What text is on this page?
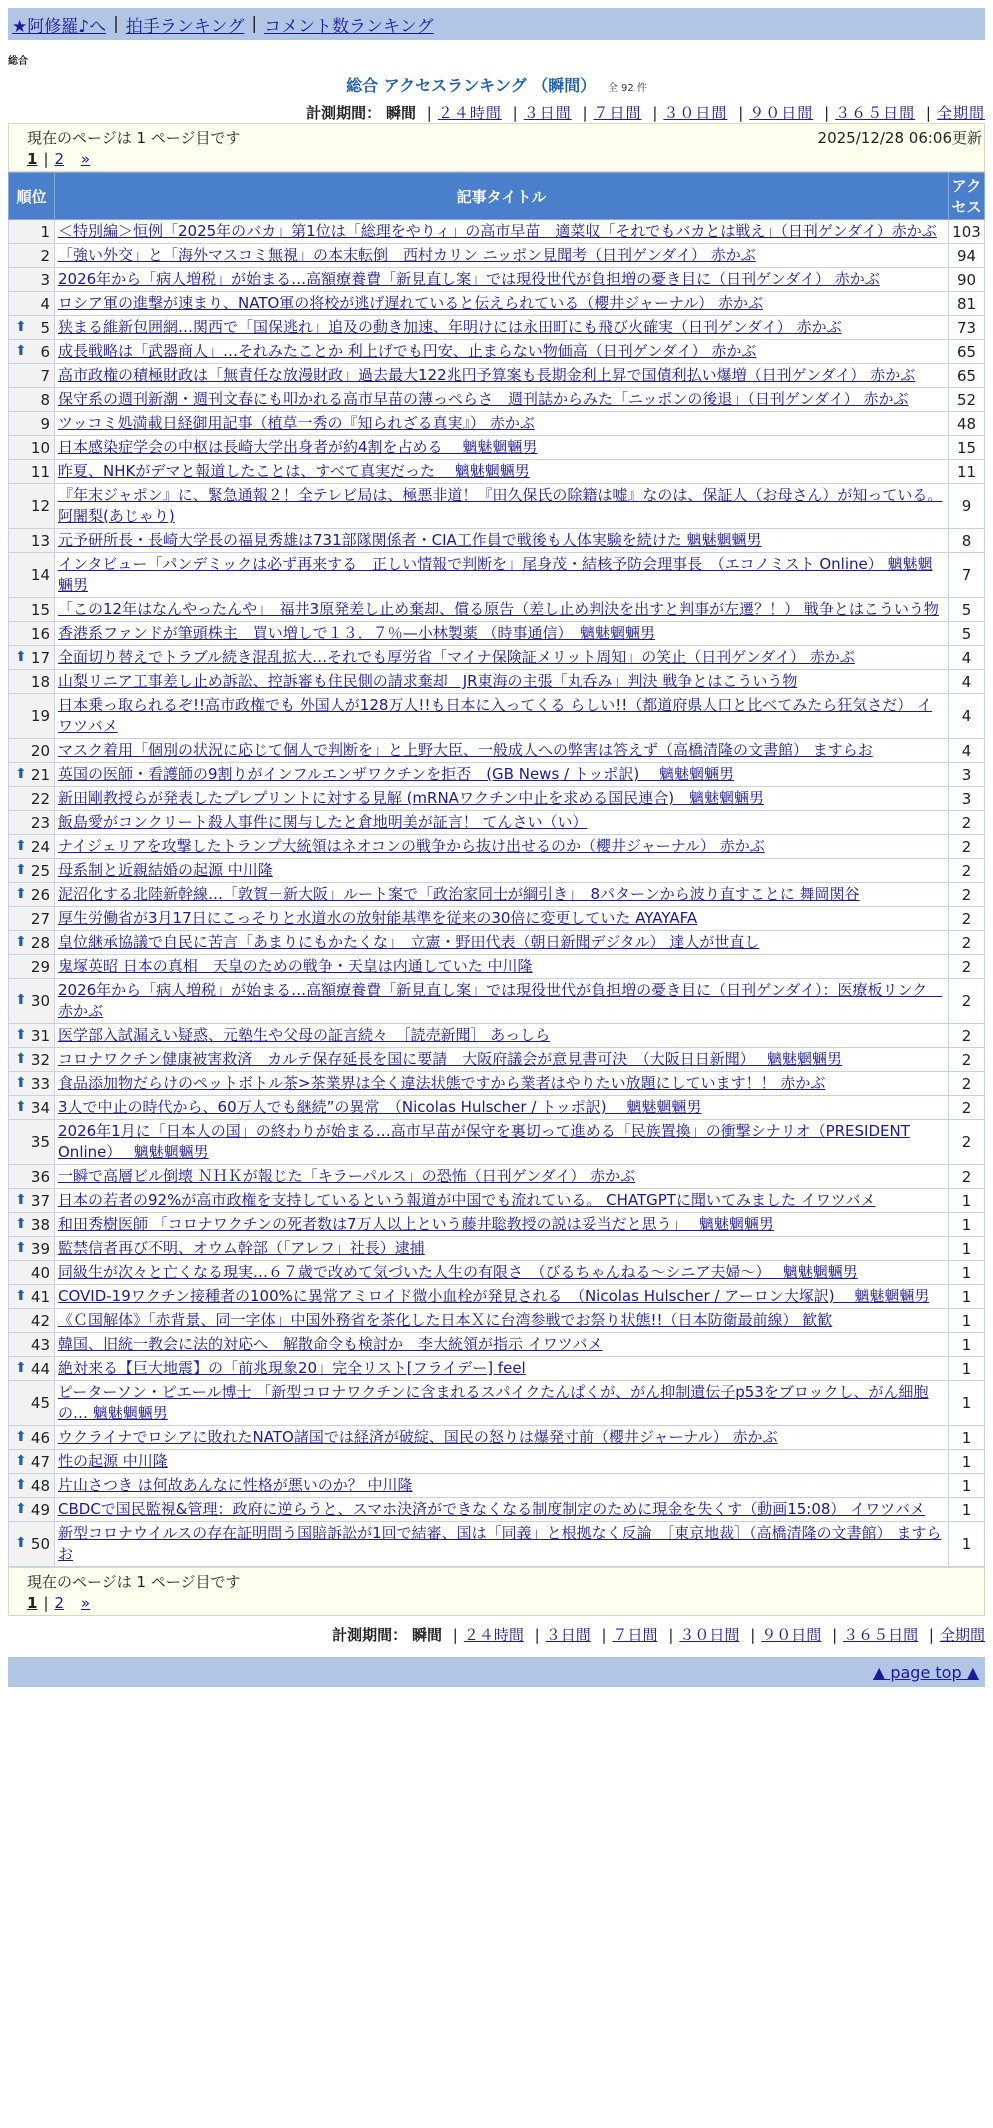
★阿修羅♪へ | 拍手ランキング | コメント数ランキング
総合
総合 アクセスランキング （瞬間） 全 92 件
計測期間： 瞬間 | ２４時間 | ３日間 | ７日間 | ３０日間 | ９０日間 | ３６５日間 | 全期間
現在のページは 1 ページ目です	2025/12/28 06:06更新
1 | 2 »
順位	記事タイトル	アクセス
1	＜特別編＞恒例「2025年のバカ」第1位は「総理をやりィ」の高市早苗　適菜収「それでもバカとは戦え」（日刊ゲンダイ）赤かぶ	103
2	「強い外交」と「海外マスコミ無視」の本末転倒　西村カリン ニッポン見聞考（日刊ゲンダイ） 赤かぶ	94
3	2026年から「病人増税」が始まる…高額療養費「新見直し案」では現役世代が負担増の憂き目に（日刊ゲンダイ） 赤かぶ	90
4	ロシア軍の進撃が速まり、NATO軍の将校が逃げ遅れていると伝えられている（櫻井ジャーナル） 赤かぶ	81

⬆ 5	狭まる維新包囲網…関西で「国保逃れ」追及の動き加速、年明けには永田町にも飛び火確実（日刊ゲンダイ） 赤かぶ	73

⬆ 6	成長戦略は「武器商人」…それみたことか 利上げでも円安、止まらない物価高（日刊ゲンダイ） 赤かぶ	65
7	高市政権の積極財政は「無責任な放漫財政」過去最大122兆円予算案も長期金利上昇で国債利払い爆増（日刊ゲンダイ） 赤かぶ	65
8	保守系の週刊新潮・週刊文春にも叩かれる高市早苗の薄っぺらさ　週刊誌からみた「ニッポンの後退」（日刊ゲンダイ） 赤かぶ	52
9	ツッコミ処満載日経御用記事（植草一秀の『知られざる真実』） 赤かぶ	48
10	日本感染症学会の中枢は長崎大学出身者が約4割を占める　 魑魅魍魎男	15
11	昨夏、NHKがデマと報道したことは、すべて真実だった　 魑魅魍魎男	11
12	『年末ジャポン』に、緊急通報２！全テレビ局は、極悪非道！『田久保氏の除籍は嘘』なのは、保証人（お母さん）が知っている。 阿闍梨(あじゃり)	9
13	元予研所長・長崎大学長の福見秀雄は731部隊関係者・CIA工作員で戦後も人体実験を続けた 魑魅魍魎男	8
14	インタビュー「パンデミックは必ず再来する　正しい情報で判断を」尾身茂・結核予防会理事長　（エコノミスト Online） 魑魅魍魎男	7
15	「この12年はなんやったんや」　福井3原発差し止め棄却、償る原告（差し止め判決を出すと判事が左遷？！） 戦争とはこういう物	5
16	香港系ファンドが筆頭株主　買い増しで１３．７％—小林製薬 （時事通信）　魑魅魍魎男	5

⬆ 17	全面切り替えでトラブル続き混乱拡大…それでも厚労省「マイナ保険証メリット周知」の笑止（日刊ゲンダイ） 赤かぶ	4
18	山梨リニア工事差し止め訴訟、控訴審も住民側の請求棄却　JR東海の主張「丸呑み」判決 戦争とはこういう物	4
19	日本乗っ取られるぞ!!高市政権でも 外国人が128万人!!も日本に入ってくる らしい!!（都道府県人口と比べてみたら狂気さだ） イワツバメ	4
20	マスク着用「個別の状況に応じて個人で判断を」と上野大臣、一般成人への弊害は答えず（高橋清隆の文書館） ますらお	4

⬆ 21	英国の医師・看護師の9割りがインフルエンザワクチンを拒否　(GB News / トッポ訳)　 魑魅魍魎男	3
22	新田剛教授らが発表したプレプリントに対する見解 (mRNAワクチン中止を求める国民連合)　魑魅魍魎男	3
23	飯島愛がコンクリート殺人事件に関与したと倉地明美が証言！ てんさい（い）	2

⬆ 24	ナイジェリアを攻撃したトランプ大統領はネオコンの戦争から抜け出せるのか（櫻井ジャーナル） 赤かぶ	2

⬆ 25	母系制と近親結婚の起源 中川隆	2

⬆ 26	泥沼化する北陸新幹線…「敦賀－新大阪」ルート案で「政治家同士が綱引き」　8パターンから波り直すことに 舞岡関谷	2
27	厚生労働省が3月17日にこっそりと水道水の放射能基準を従来の30倍に変更していた AYAYAFA	2

⬆ 28	皇位継承協議で自民に苦言「あまりにもかたくな」　立憲・野田代表（朝日新聞デジタル） 達人が世直し	2
29	鬼塚英昭 日本の真相　天皇のための戦争・天皇は内通していた 中川隆	2

⬆ 30	2026年から「病人増税」が始まる…高額療養費「新見直し案」では現役世代が負担増の憂き目に（日刊ゲンダイ）：医療板リンク　赤かぶ	2

⬆ 31	医学部入試漏えい疑惑、元塾生や父母の証言続々　［読売新聞］ あっしら	2

⬆ 32	コロナワクチン健康被害救済　カルテ保存延長を国に要請　大阪府議会が意見書可決　（大阪日日新聞）　 魑魅魍魎男	2

⬆ 33	食品添加物だらけのペットボトル茶>茶業界は全く違法状態ですから業者はやりたい放題にしています！！ 赤かぶ	2

⬆ 34	3人で中止の時代から、60万人でも継続”の異常　（Nicolas Hulscher / トッポ訳)　 魑魅魍魎男	2
35	2026年1月に「日本人の国」の終わりが始まる…高市早苗が保守を裏切って進める「民族置換」の衝撃シナリオ（PRESIDENT Online）　 魑魅魍魎男	2
36	一瞬で高層ビル倒壊 ＮＨＫが報じた「キラーパルス」の恐怖（日刊ゲンダイ） 赤かぶ	2

⬆ 37	日本の若者の92%が高市政権を支持しているという報道が中国でも流れている。 CHATGPTに聞いてみました イワツバメ	1

⬆ 38	和田秀樹医師 「コロナワクチンの死者数は7万人以上という藤井聡教授の説は妥当だと思う」　 魑魅魍魎男	1

⬆ 39	監禁信者再び不明、オウム幹部（「アレフ」社長）逮捕	1
40	同級生が次々と亡くなる現実…６７歳で改めて気づいた人生の有限さ　（びるちゃんねる～シニア夫婦～）　 魑魅魍魎男	1

⬆ 41	COVID-19ワクチン接種者の100%に異常アミロイド微小血栓が発見される　（Nicolas Hulscher / アーロン大塚訳)　 魑魅魍魎男	1
42	《Ｃ国解体》「赤背景、同一字体」中国外務省を茶化した日本Ｘに台湾参戦でお祭り状態!!（日本防衛最前線） 歓歓	1
43	韓国、旧統一教会に法的対応へ　解散命令も検討か　李大統領が指示 イワツバメ	1

⬆ 44	絶対来る【巨大地震】の「前兆現象20」完全リスト[フライデー] feel	1
45	ピーターソン・ピエール博士 「新型コロナワクチンに含まれるスパイクたんぱくが、がん抑制遺伝子p53をブロックし、がん細胞の… 魑魅魍魎男	1

⬆ 46	ウクライナでロシアに敗れたNATO諸国では経済が破綻、国民の怒りは爆発寸前（櫻井ジャーナル） 赤かぶ	1

⬆ 47	性の起源 中川隆	1

⬆ 48	片山さつき は何故あんなに性格が悪いのか？ 中川隆	1

⬆ 49	CBDCで国民監視&管理：政府に逆らうと、スマホ決済ができなくなる制度制定のために現金を失くす（動画15:08） イワツバメ	1

⬆ 50	新型コロナウイルスの存在証明問う国賠訴訟が1回で結審、国は「同義」と根拠なく反論　［東京地裁］（高橋清隆の文書館） ますらお	1
現在のページは 1 ページ目です
1 | 2 »
計測期間： 瞬間 | ２４時間 | ３日間 | ７日間 | ３０日間 | ９０日間 | ３６５日間 | 全期間
▲ page top ▲
